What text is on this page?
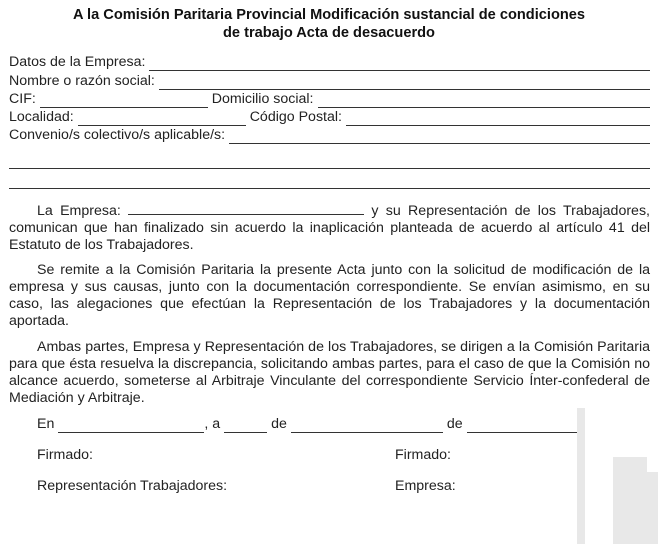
A la Comisión Paritaria Provincial Modificación sustancial de condiciones
de trabajo Acta de desacuerdo
Datos de la Empresa:
Nombre o razón social:
CIF:	Domicilio social:
Localidad:	Código Postal:
Convenio/s colectivo/s aplicable/s:
La Empresa:	y su Representación de los Trabajadores, comunican que han finalizado sin acuerdo la inaplicación planteada de acuerdo al artículo 41 del Estatuto de los Trabajadores.
Se remite a la Comisión Paritaria la presente Acta junto con la solicitud de modificación de la empresa y sus causas, junto con la documentación correspondiente. Se envían asimismo, en su caso, las alegaciones que efectúan la Representación de los Trabajadores y la documentación aportada.
Ambas partes, Empresa y Representación de los Trabajadores, se dirigen a la Comisión Paritaria para que ésta resuelva la discrepancia, solicitando ambas partes, para el caso de que la Comisión no alcance acuerdo, someterse al Arbitraje Vinculante del correspondiente Servicio Ínter-confederal de Mediación y Arbitraje.
En	, a	de	de
Firmado:	Firmado:
Representación Trabajadores:	Empresa:
